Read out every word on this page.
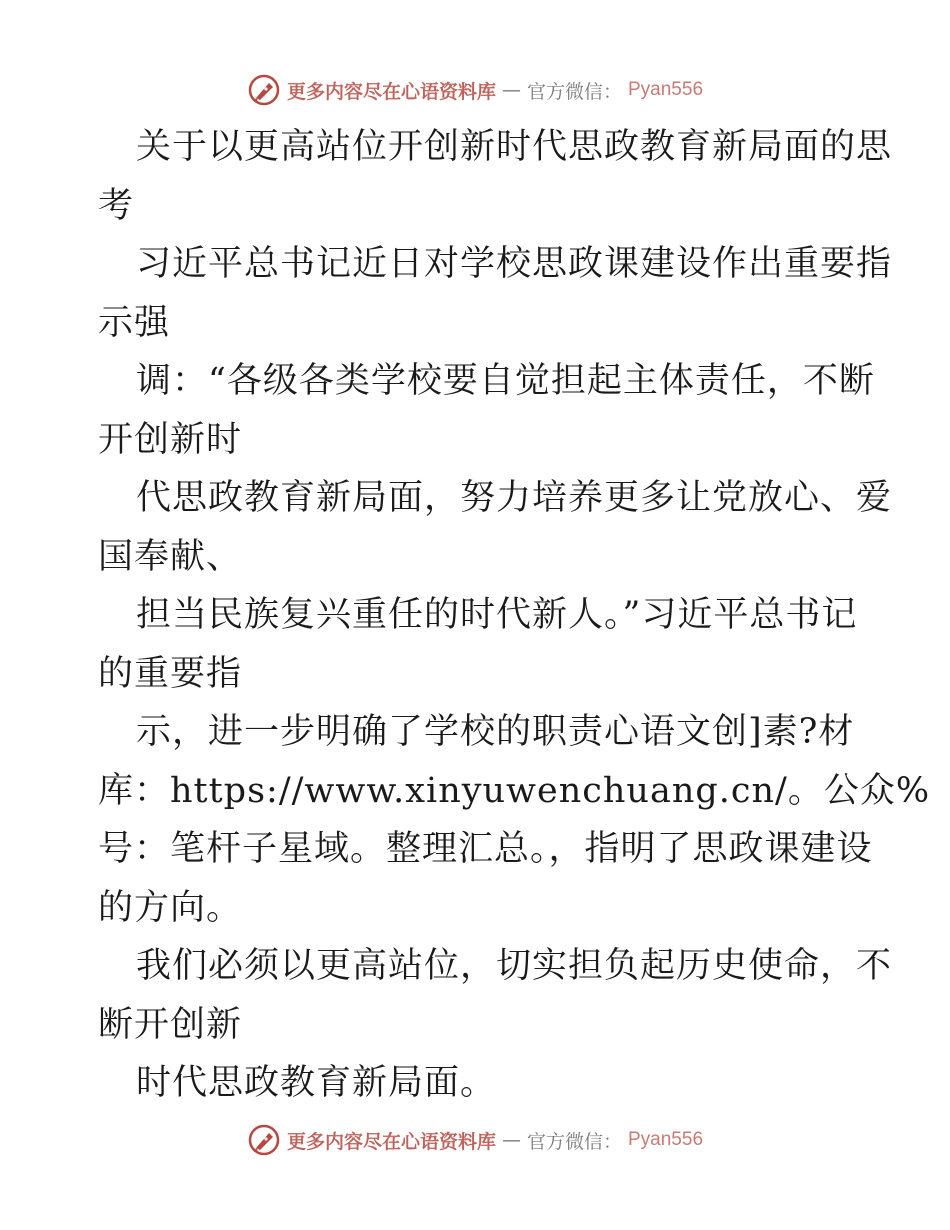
更多内容尽在心语资料库 — 官方微信： Pyan556
关于以更高站位开创新时代思政教育新局面的思
考
习近平总书记近日对学校思政课建设作出重要指
示强
调：“各级各类学校要自觉担起主体责任，不断
开创新时
代思政教育新局面，努力培养更多让党放心、爱
国奉献、
担当民族复兴重任的时代新人。”习近平总书记
的重要指
示，进一步明确了学校的职责心语文创]素?材
库：https://www.xinyuwenchuang.cn/。公众%
号：笔杆子星域。整理汇总。，指明了思政课建设
的方向。
我们必须以更高站位，切实担负起历史使命，不
断开创新
时代思政教育新局面。
更多内容尽在心语资料库 — 官方微信： Pyan556
